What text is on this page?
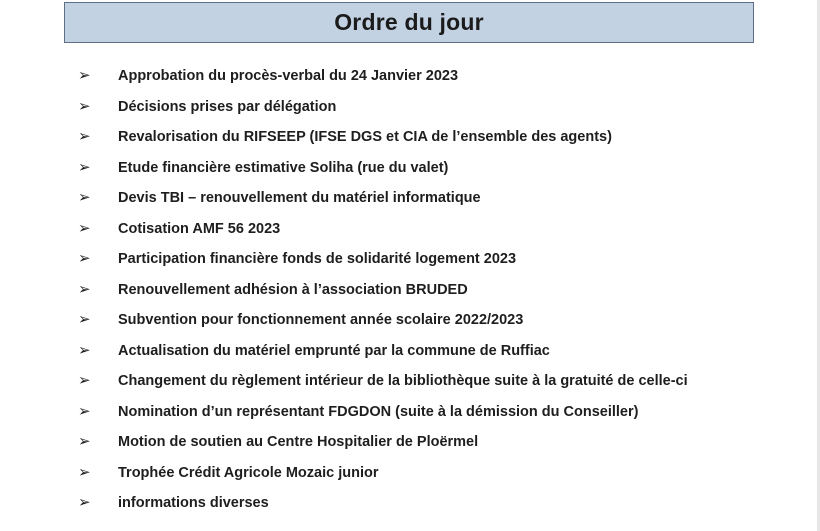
Ordre du jour
➢ Approbation du procès-verbal du 24 Janvier 2023
➢ Décisions prises par délégation
➢ Revalorisation du RIFSEEP (IFSE DGS et CIA de l’ensemble des agents)
➢ Etude financière estimative Soliha (rue du valet)
➢ Devis TBI – renouvellement du matériel informatique
➢ Cotisation AMF 56 2023
➢ Participation financière fonds de solidarité logement 2023
➢ Renouvellement adhésion à l’association BRUDED
➢ Subvention pour fonctionnement année scolaire 2022/2023
➢ Actualisation du matériel emprunté par la commune de Ruffiac
➢ Changement du règlement intérieur de la bibliothèque suite à la gratuité de celle-ci
➢ Nomination d’un représentant FDGDON (suite à la démission du Conseiller)
➢ Motion de soutien au Centre Hospitalier de Ploërmel
➢ Trophée Crédit Agricole Mozaic junior
➢ informations diverses
